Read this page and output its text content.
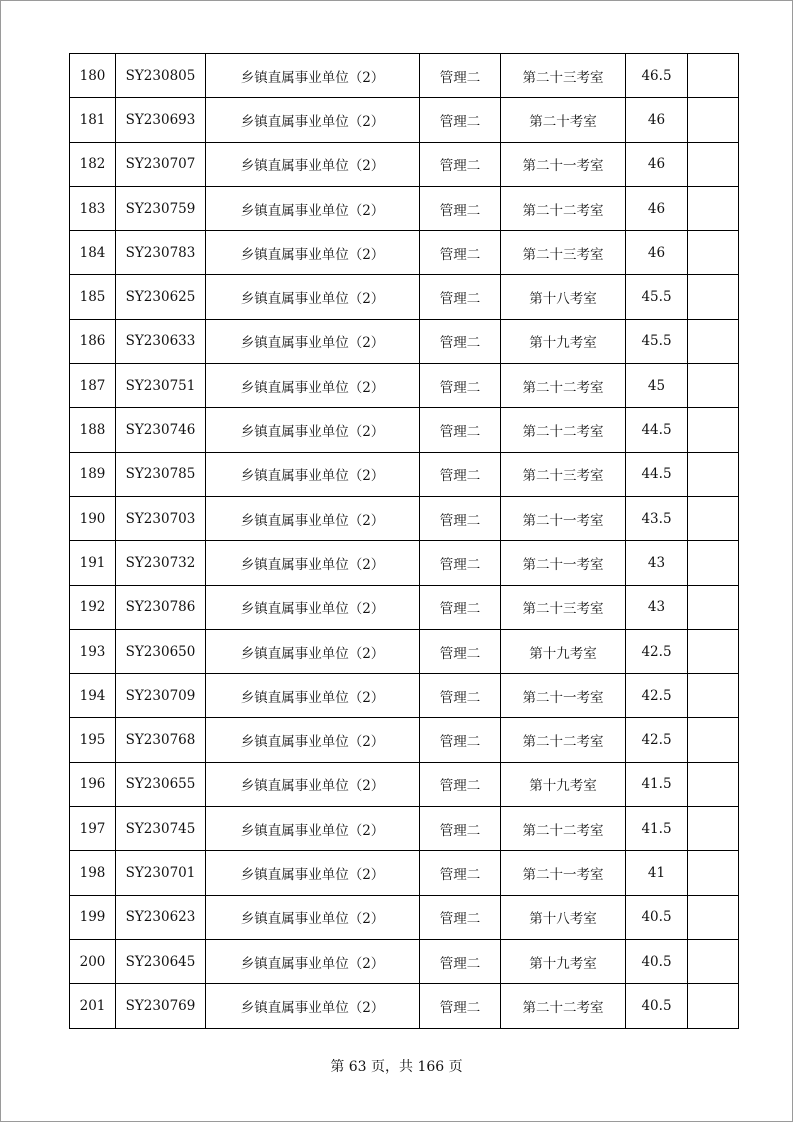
180	SY230805	乡镇直属事业单位（2）	管理二	第二十三考室	46.5	
181	SY230693	乡镇直属事业单位（2）	管理二	第二十考室	46	
182	SY230707	乡镇直属事业单位（2）	管理二	第二十一考室	46	
183	SY230759	乡镇直属事业单位（2）	管理二	第二十二考室	46	
184	SY230783	乡镇直属事业单位（2）	管理二	第二十三考室	46	
185	SY230625	乡镇直属事业单位（2）	管理二	第十八考室	45.5	
186	SY230633	乡镇直属事业单位（2）	管理二	第十九考室	45.5	
187	SY230751	乡镇直属事业单位（2）	管理二	第二十二考室	45	
188	SY230746	乡镇直属事业单位（2）	管理二	第二十二考室	44.5	
189	SY230785	乡镇直属事业单位（2）	管理二	第二十三考室	44.5	
190	SY230703	乡镇直属事业单位（2）	管理二	第二十一考室	43.5	
191	SY230732	乡镇直属事业单位（2）	管理二	第二十一考室	43	
192	SY230786	乡镇直属事业单位（2）	管理二	第二十三考室	43	
193	SY230650	乡镇直属事业单位（2）	管理二	第十九考室	42.5	
194	SY230709	乡镇直属事业单位（2）	管理二	第二十一考室	42.5	
195	SY230768	乡镇直属事业单位（2）	管理二	第二十二考室	42.5	
196	SY230655	乡镇直属事业单位（2）	管理二	第十九考室	41.5	
197	SY230745	乡镇直属事业单位（2）	管理二	第二十二考室	41.5	
198	SY230701	乡镇直属事业单位（2）	管理二	第二十一考室	41	
199	SY230623	乡镇直属事业单位（2）	管理二	第十八考室	40.5	
200	SY230645	乡镇直属事业单位（2）	管理二	第十九考室	40.5	
201	SY230769	乡镇直属事业单位（2）	管理二	第二十二考室	40.5	
第 63 页，共 166 页
